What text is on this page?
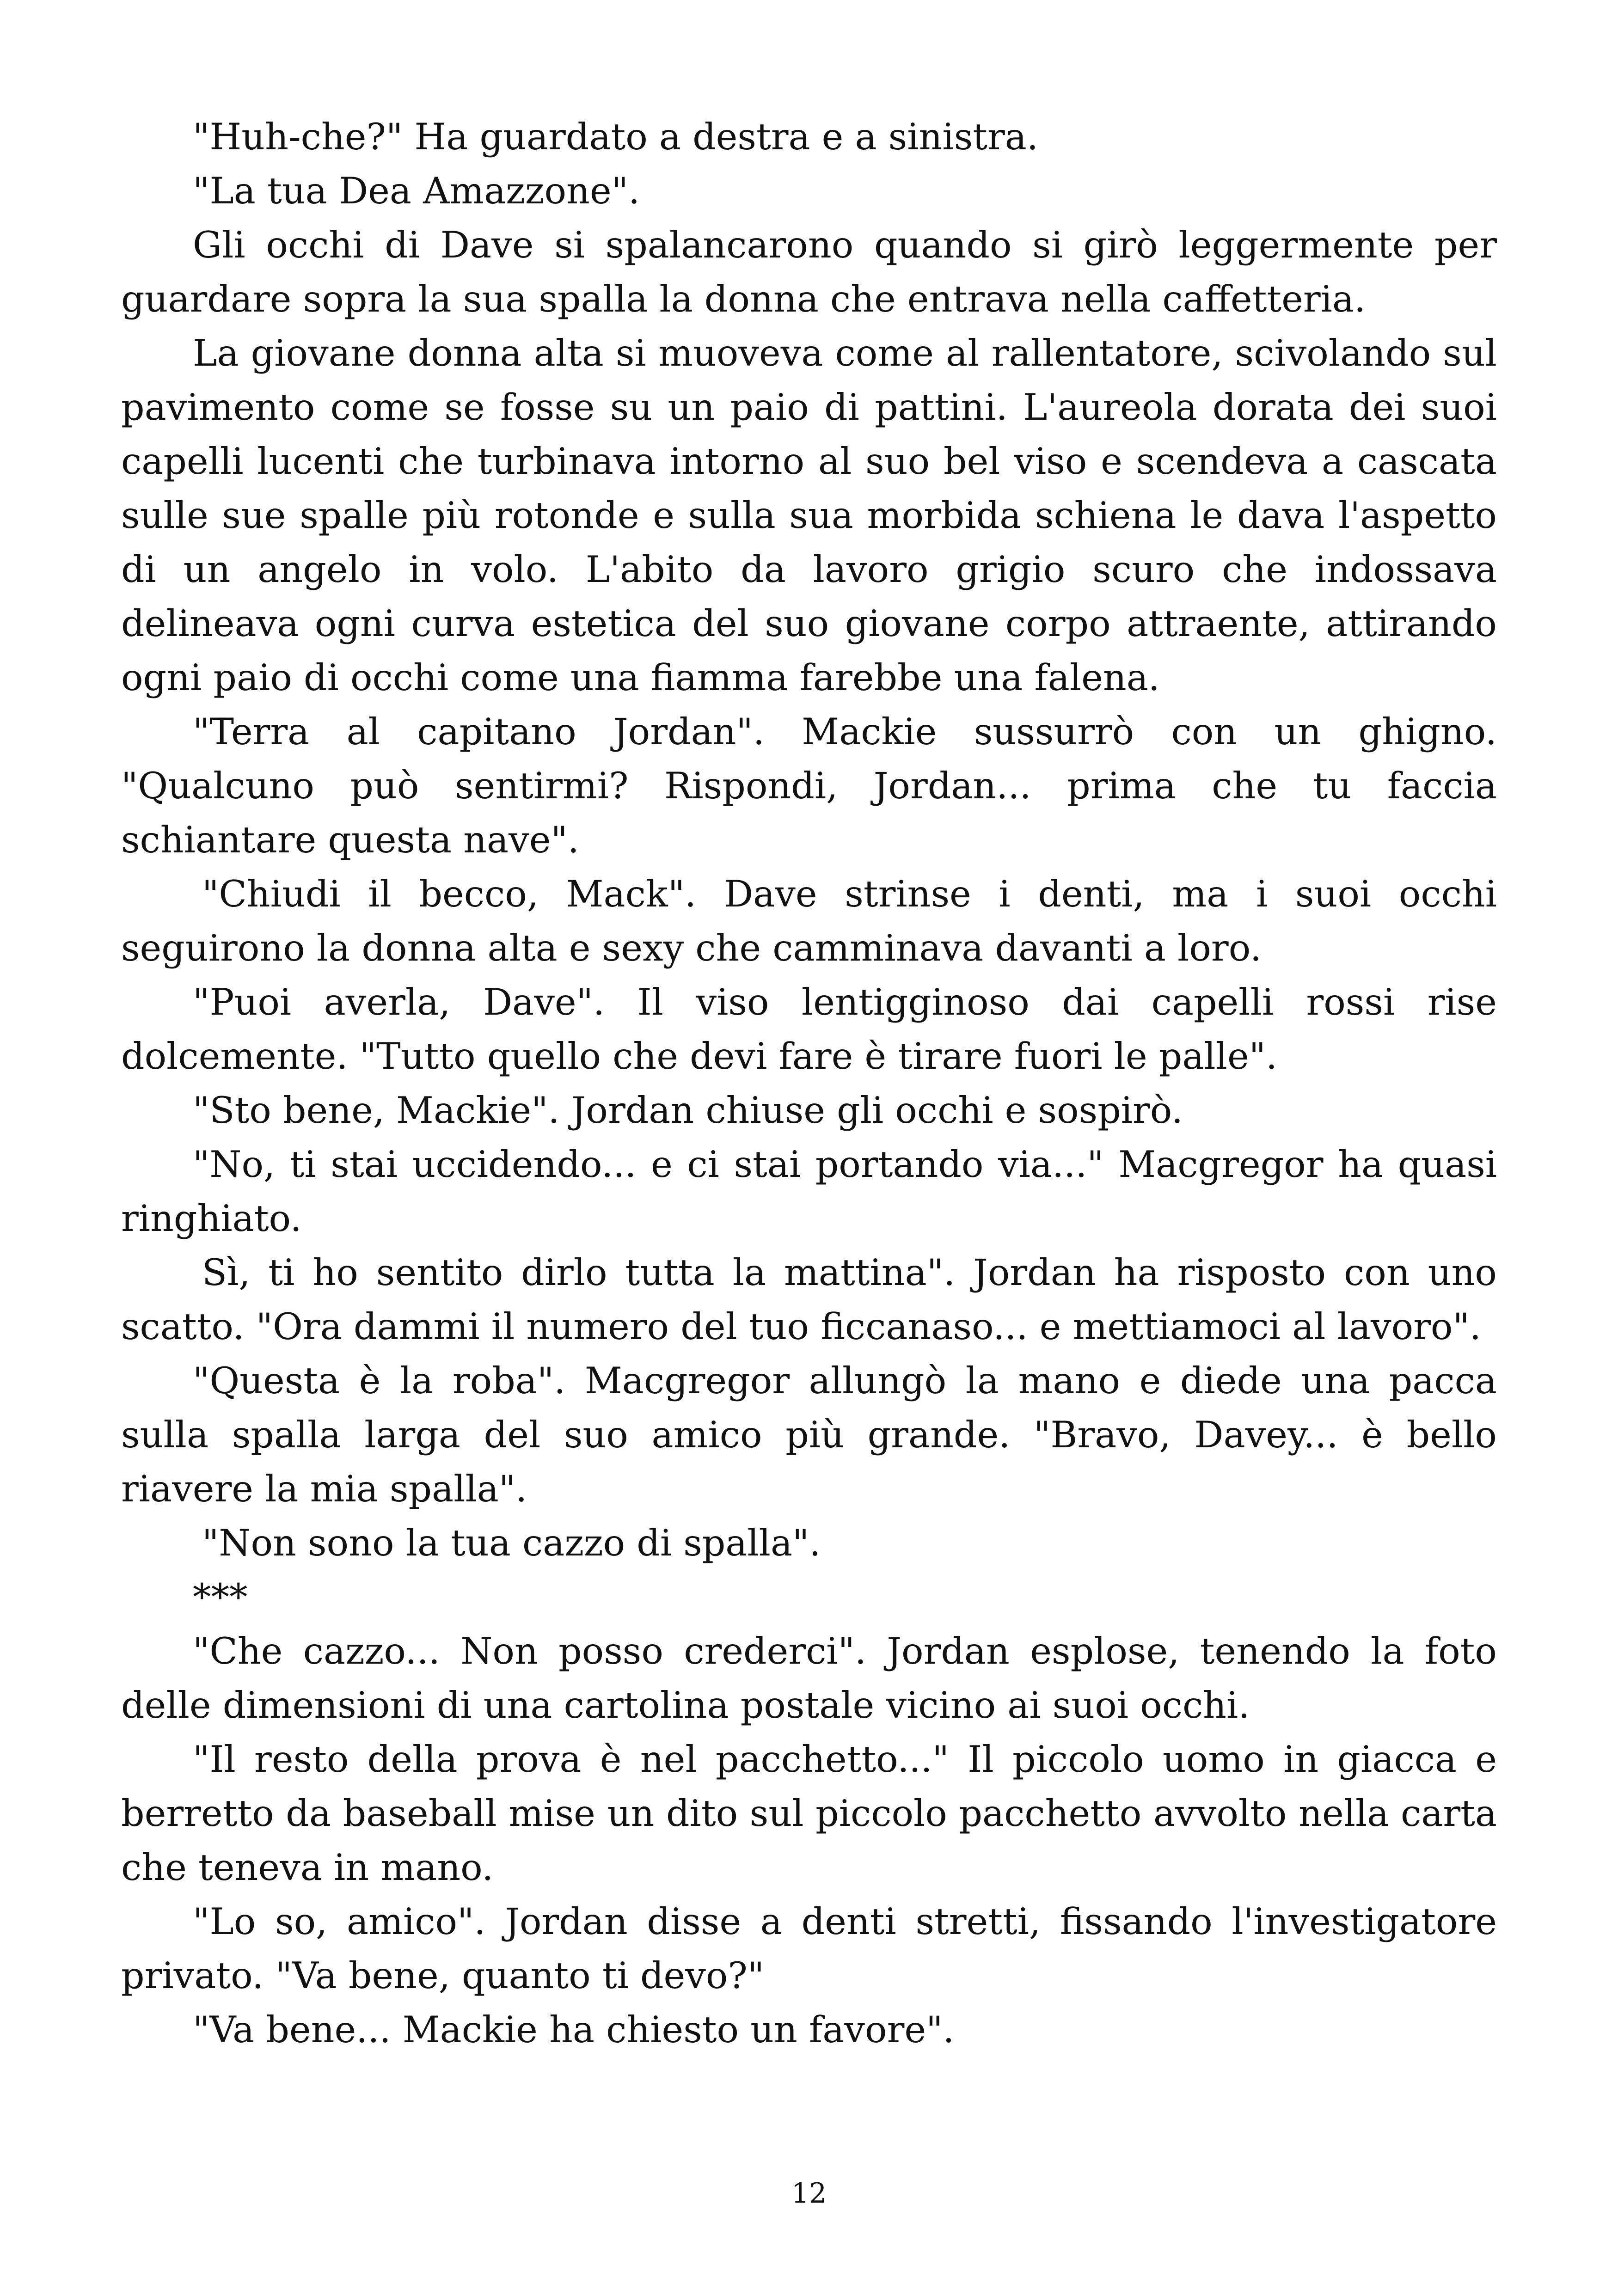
"Huh-che?" Ha guardato a destra e a sinistra.

"La tua Dea Amazzone".

Gli occhi di Dave si spalancarono quando si girò leggermente per guardare sopra la sua spalla la donna che entrava nella caffetteria.

La giovane donna alta si muoveva come al rallentatore, scivolando sul pavimento come se fosse su un paio di pattini. L'aureola dorata dei suoi capelli lucenti che turbinava intorno al suo bel viso e scendeva a cascata sulle sue spalle più rotonde e sulla sua morbida schiena le dava l'aspetto di un angelo in volo. L'abito da lavoro grigio scuro che indossava delineava ogni curva estetica del suo giovane corpo attraente, attirando ogni paio di occhi come una fiamma farebbe una falena.

"Terra al capitano Jordan". Mackie sussurrò con un ghigno. "Qualcuno può sentirmi? Rispondi, Jordan... prima che tu faccia schiantare questa nave".

"Chiudi il becco, Mack". Dave strinse i denti, ma i suoi occhi seguirono la donna alta e sexy che camminava davanti a loro.

"Puoi averla, Dave". Il viso lentigginoso dai capelli rossi rise dolcemente. "Tutto quello che devi fare è tirare fuori le palle".

"Sto bene, Mackie". Jordan chiuse gli occhi e sospirò.

"No, ti stai uccidendo... e ci stai portando via..." Macgregor ha quasi ringhiato.

Sì, ti ho sentito dirlo tutta la mattina". Jordan ha risposto con uno scatto. "Ora dammi il numero del tuo ficcanaso... e mettiamoci al lavoro".

"Questa è la roba". Macgregor allungò la mano e diede una pacca sulla spalla larga del suo amico più grande. "Bravo, Davey... è bello riavere la mia spalla".

"Non sono la tua cazzo di spalla".

***

"Che cazzo... Non posso crederci". Jordan esplose, tenendo la foto delle dimensioni di una cartolina postale vicino ai suoi occhi.

"Il resto della prova è nel pacchetto..." Il piccolo uomo in giacca e berretto da baseball mise un dito sul piccolo pacchetto avvolto nella carta che teneva in mano.

"Lo so, amico". Jordan disse a denti stretti, fissando l'investigatore privato. "Va bene, quanto ti devo?"

"Va bene... Mackie ha chiesto un favore".

12
